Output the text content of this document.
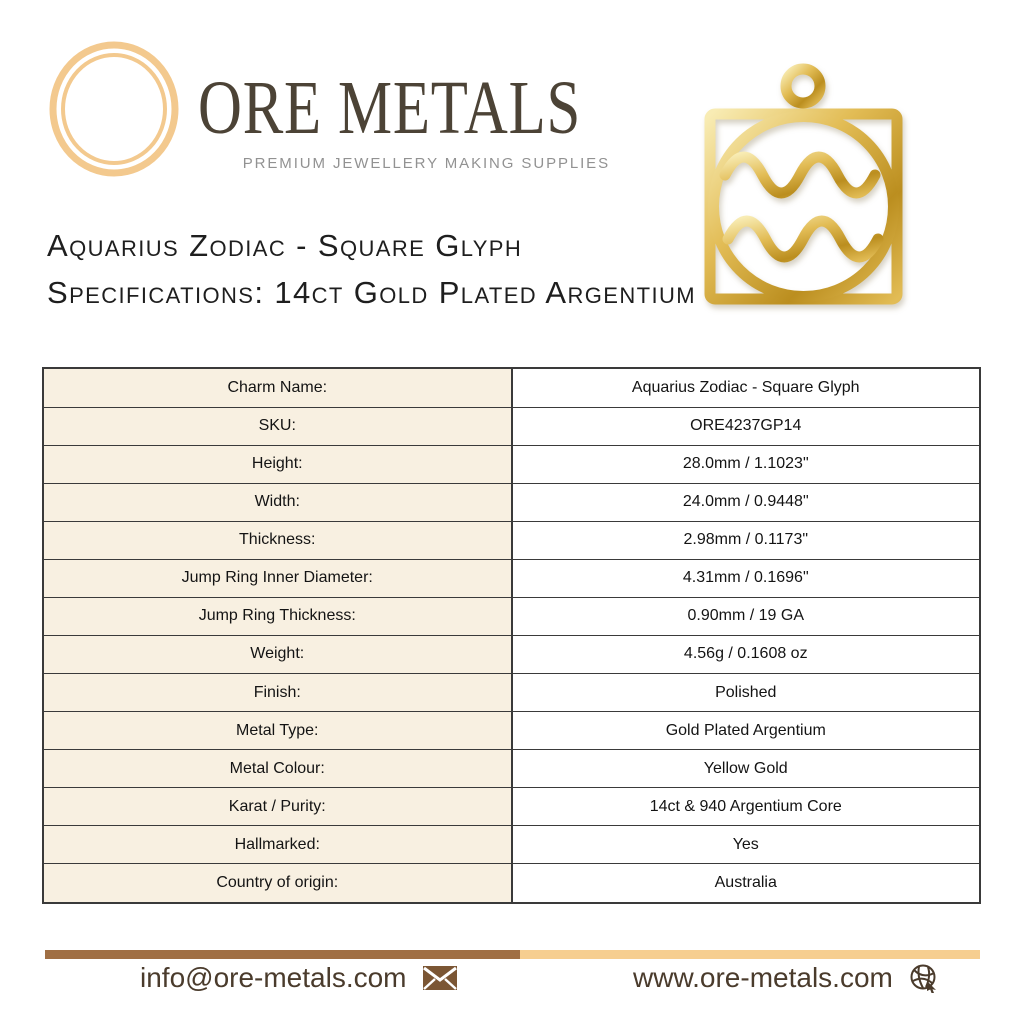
ORE METALS
PREMIUM JEWELLERY MAKING SUPPLIES
Aquarius Zodiac - Square Glyph
Specifications: 14ct Gold Plated Argentium
Charm Name:	Aquarius Zodiac - Square Glyph
SKU:	ORE4237GP14
Height:	28.0mm / 1.1023"
Width:	24.0mm / 0.9448"
Thickness:	2.98mm / 0.1173"
Jump Ring Inner Diameter:	4.31mm / 0.1696"
Jump Ring Thickness:	0.90mm / 19 GA
Weight:	4.56g / 0.1608 oz
Finish:	Polished
Metal Type:	Gold Plated Argentium
Metal Colour:	Yellow Gold
Karat / Purity:	14ct & 940 Argentium Core
Hallmarked:	Yes
Country of origin:	Australia
info@ore-metals.com	www.ore-metals.com
